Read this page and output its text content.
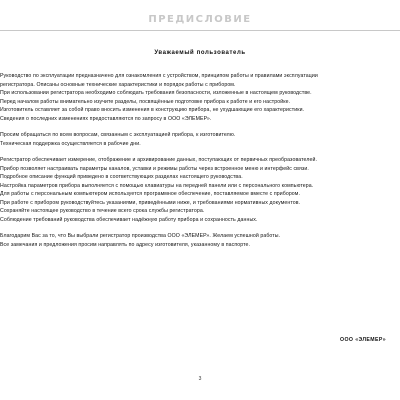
ПРЕДИСЛОВИЕ
Уважаемый пользователь

Руководство по эксплуатации предназначено для ознакомления с устройством, принципом работы и правилами эксплуатации
регистратора. Описаны основные технические характеристики и порядок работы с прибором.
При использовании регистратора необходимо соблюдать требования безопасности, изложенные в настоящем руководстве.
Перед началом работы внимательно изучите разделы, посвящённые подготовке прибора к работе и его настройке.
Изготовитель оставляет за собой право вносить изменения в конструкцию прибора, не ухудшающие его характеристики.
Сведения о последних изменениях предоставляются по запросу в ООО «ЭЛЕМЕР».

Просим обращаться по всем вопросам, связанным с эксплуатацией прибора, к изготовителю.
Техническая поддержка осуществляется в рабочие дни.

Регистратор обеспечивает измерение, отображение и архивирование данных, поступающих от первичных преобразователей.
Прибор позволяет настраивать параметры каналов, уставки и режимы работы через встроенное меню и интерфейс связи.
Подробное описание функций приведено в соответствующих разделах настоящего руководства.
Настройка параметров прибора выполняется с помощью клавиатуры на передней панели или с персонального компьютера.
Для работы с персональным компьютером используется программное обеспечение, поставляемое вместе с прибором.
При работе с прибором руководствуйтесь указаниями, приведёнными ниже, и требованиями нормативных документов.
Сохраняйте настоящее руководство в течение всего срока службы регистратора.
Соблюдение требований руководства обеспечивает надёжную работу прибора и сохранность данных.

Благодарим Вас за то, что Вы выбрали регистратор производства ООО «ЭЛЕМЕР». Желаем успешной работы.
Все замечания и предложения просим направлять по адресу изготовителя, указанному в паспорте.

ООО «ЭЛЕМЕР»
3
